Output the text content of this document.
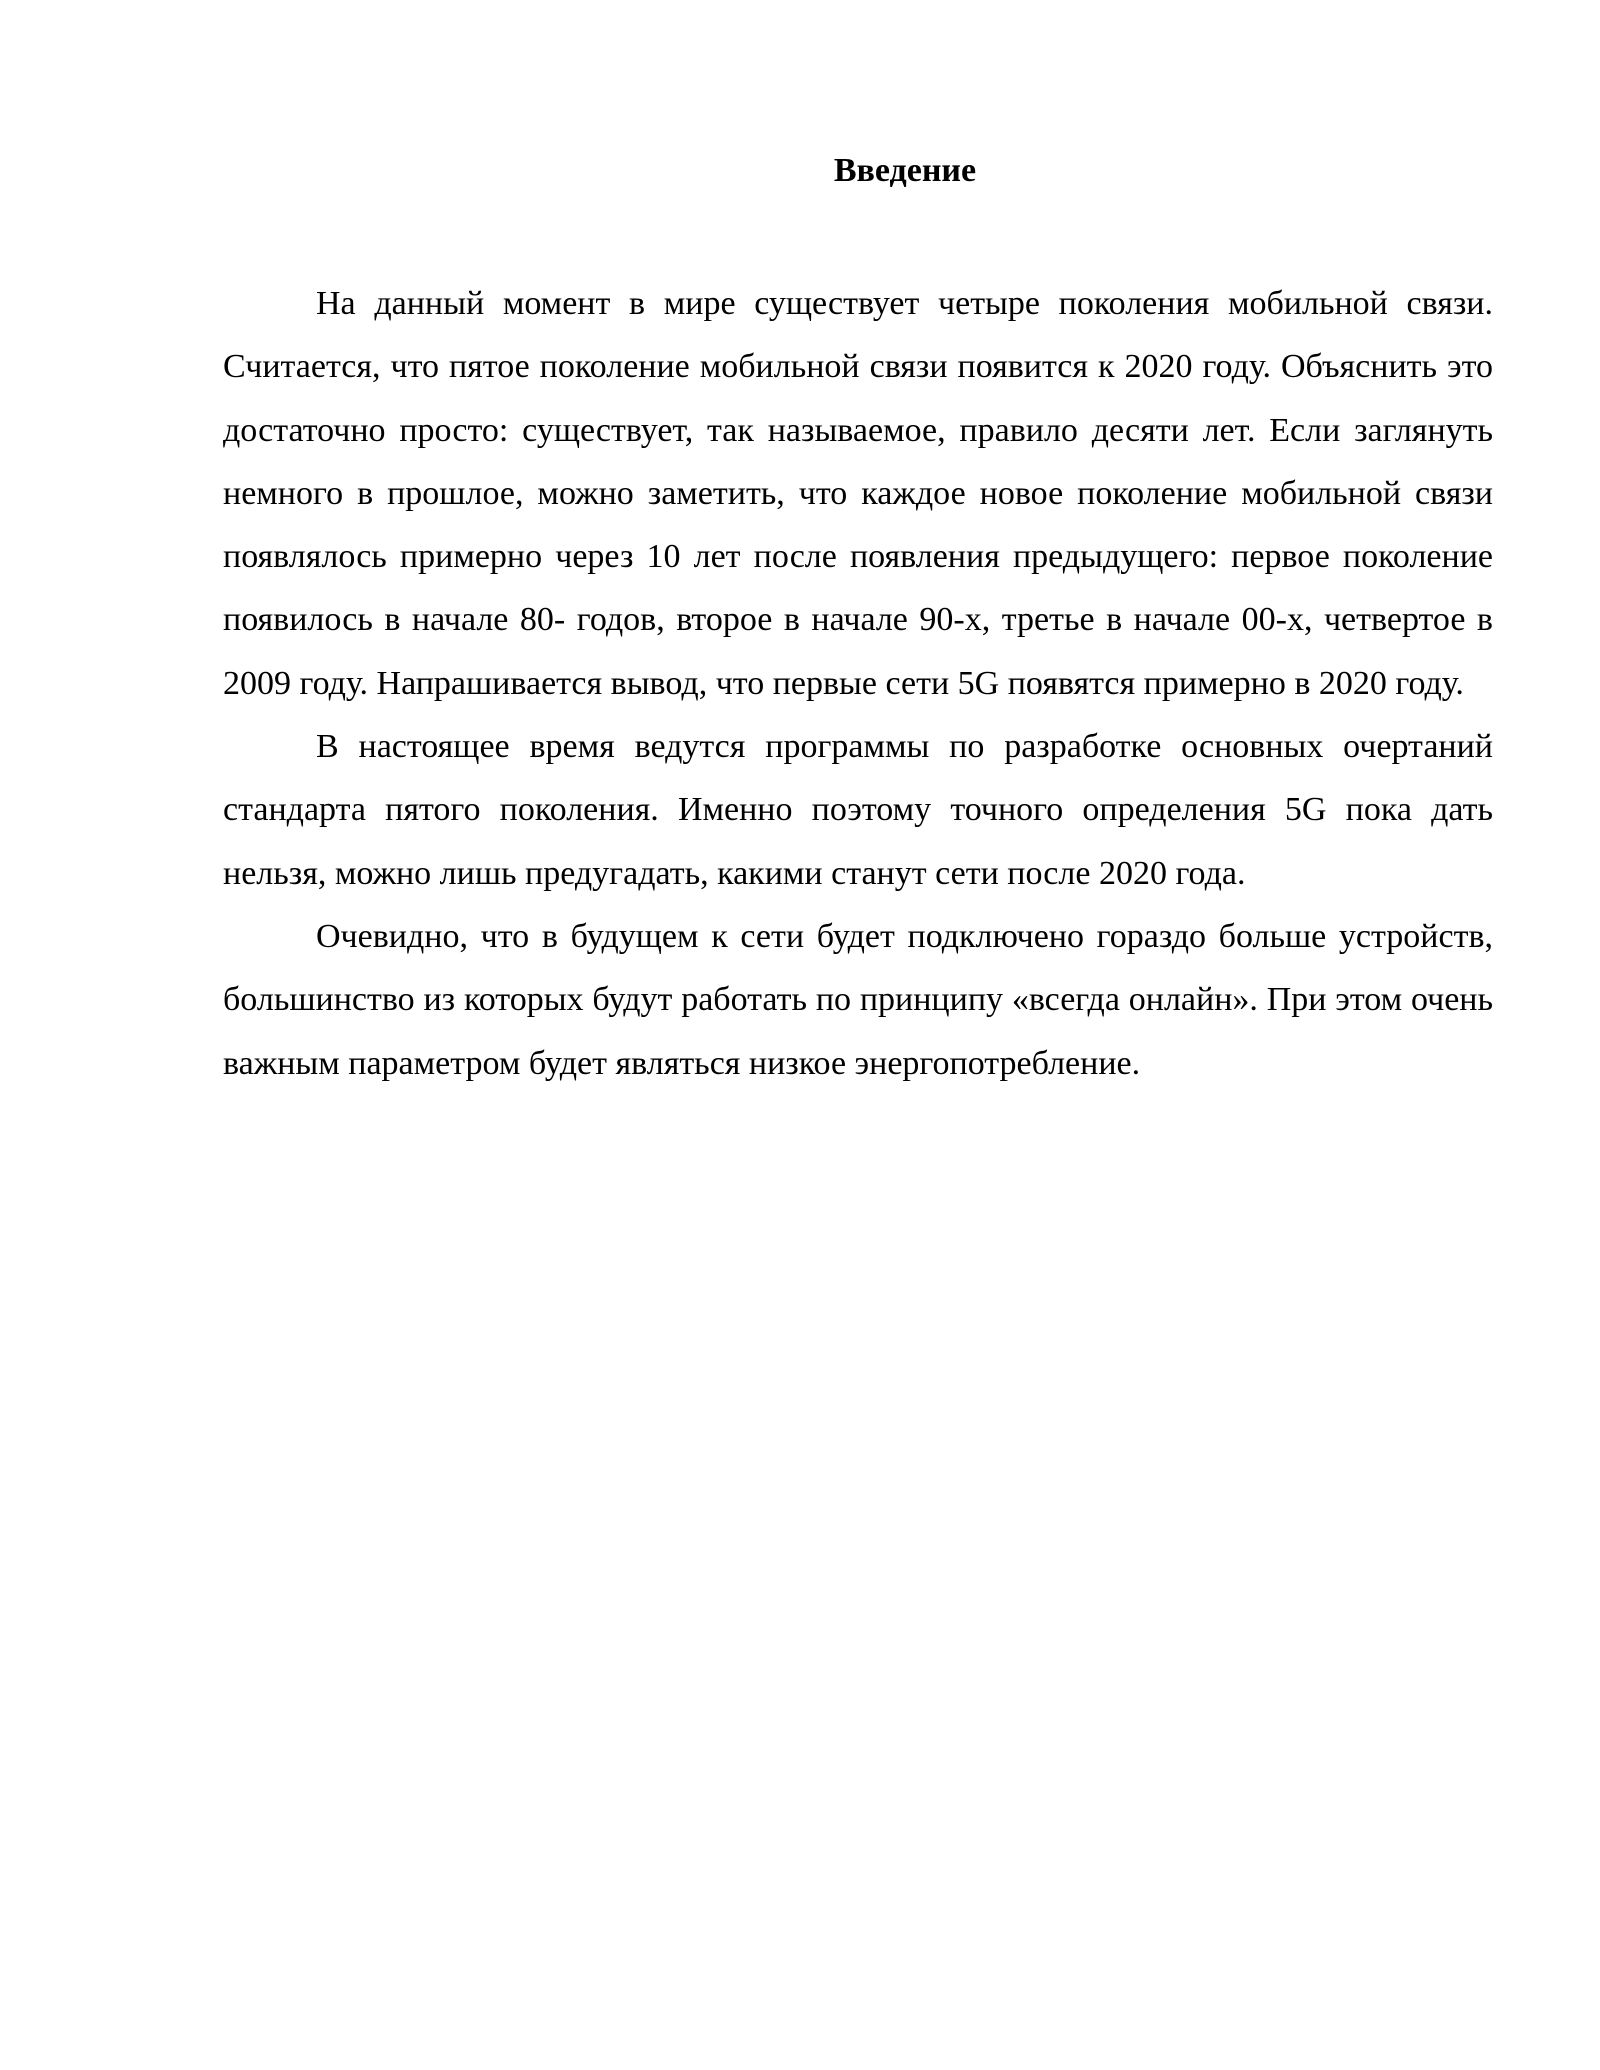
Введение

На данный момент в мире существует четыре поколения мобильной связи. Считается, что пятое поколение мобильной связи появится к 2020 году. Объяснить это достаточно просто: существует, так называемое, правило десяти лет. Если заглянуть немного в прошлое, можно заметить, что каждое новое поколение мобильной связи появлялось примерно через 10 лет после появления предыдущего: первое поколение появилось в начале 80- годов, второе в начале 90-х, третье в начале 00-х, четвертое в 2009 году. Напрашивается вывод, что первые сети 5G появятся примерно в 2020 году.

В настоящее время ведутся программы по разработке основных очертаний стандарта пятого поколения. Именно поэтому точного определения 5G пока дать нельзя, можно лишь предугадать, какими станут сети после 2020 года.

Очевидно, что в будущем к сети будет подключено гораздо больше устройств, большинство из которых будут работать по принципу «всегда онлайн». При этом очень важным параметром будет являться низкое энергопотребление.
